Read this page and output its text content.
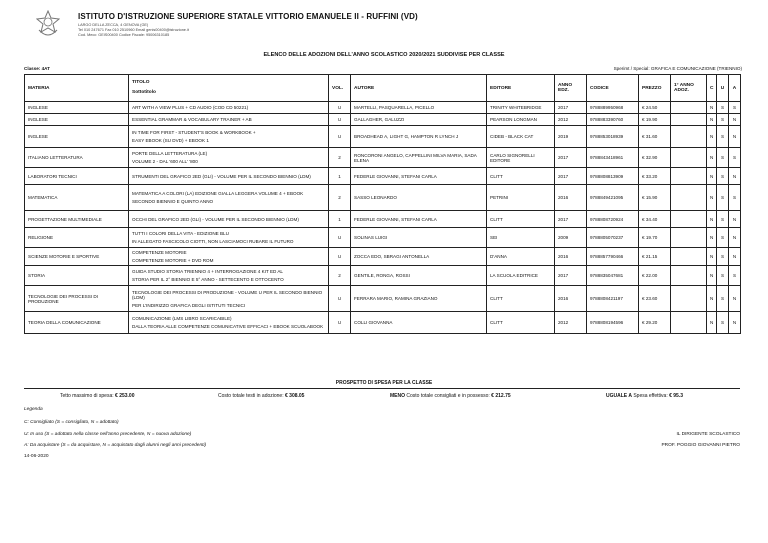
ISTITUTO D'ISTRUZIONE SUPERIORE STATALE VITTORIO EMANUELE II - RUFFINI (VD)
LARGO DELLA ZECCA, 4 GENOVA (GE)
Tel 010 247671 Fax 010 2510960 Email genis00400@istruzione.it
Cod. Mecc: GEIS00400 Codice Fiscale: 95006310185
ELENCO DELLE ADOZIONI DELL'ANNO SCOLASTICO 2020/2021 SUDDIVISE PER CLASSE
Classe: 4AT	Sperimt / Special: GRAFICA E COMUNICAZIONE (TRIENNIO)
MATERIA	TITOLO
Sottotitolo	VOL.	AUTORE	EDITORE	ANNO EDZ.	CODICE	PREZZO	1° ANNO ADOZ.	C	U	A
INGLESE	ART WITH A VIEW PLUS + CD AUDIO (COD CD 50221)	U	MARTELLI, PASQUARELLA, PICELLO	TRINITY WHITEBRIDGE	2017	9788889950968	€ 24.50		N	S	S
INGLESE	ESSENTIAL GRAMMAR & VOCABULARY TRAINER + AB	U	GALLAGHER, GALUZZI	PEARSON LONGMAN	2012	9788883390760	€ 19.90		N	S	N
INGLESE	IN TIME FOR FIRST - STUDENT'S BOOK & WORKBOOK +
EASY EBOOK (SU DVD) + EBOOK 1	U	BROADHEAD A, LIGHT G, HAMPTON R LYNCH J	CIDEB - BLACK CAT	2019	9788853018939	€ 31.60		N	S	N
ITALIANO LETTERATURA	PORTE DELLA LETTERATURA (LE)
VOLUME 2 - DAL '600 ALL' '800	2	RONCORONI ANGELO, CAPPELLINI MILVA MARIA, SADA ELENA	CARLO SIGNORELLI EDITORE	2017	9788843418961	€ 32.90		N	S	S
LABORATORI TECNICI	STRUMENTI DEL GRAFICO 2ED (GLI) - VOLUME PER IL SECONDO BIENNIO (LDM)	1	FEDERLE GIOVANNI, STEFANI CARLA	CLITT	2017	9788808813909	€ 33.20		N	S	N
MATEMATICA	MATEMATICA A COLORI (LA) EDIZIONE GIALLA LEGGERA VOLUME 4 + EBOOK
SECONDO BIENNIO E QUINTO ANNO	2	SASSO LEONARDO	PETRINI	2016	9788849421095	€ 15.90		N	S	S
PROGETTAZIONE MULTIMEDIALE	OCCHI DEL GRAFICO 2ED (GLI) - VOLUME PER IL SECONDO BIENNIO (LDM)	1	FEDERLE GIOVANNI, STEFANI CARLA	CLITT	2017	9788808720924	€ 34.40		N	S	N
RELIGIONE	TUTTI I COLORI DELLA VITA - EDIZIONE BLU
IN ALLEGATO FASCICOLO CIOTTI, NON LASCIAMOCI RUBARE IL FUTURO	U	SOLINAS LUIGI	SEI	2009	9788805070237	€ 19.70		N	S	N
SCIENZE MOTORIE E SPORTIVE	COMPETENZE MOTORIE
COMPETENZE MOTORIE + DVD ROM	U	ZOCCA EDO, SBRAGI ANTONELLA	D'ANNA	2016	9788857790466	€ 21.15		N	S	N
STORIA	GUIDA STUDIO STORIA TRIENNIO 4 + INTERROGAZIONE 4 KIT ED AL
STORIA PER IL 2° BIENNIO E 5° ANNO - SETTECENTO E OTTOCENTO	2	GENTILE, RONGA, ROSSI	LA SCUOLA EDITRICE	2017	9788835047681	€ 22.00		N	S	S
TECNOLOGIE DEI PROCESSI DI PRODUZIONE	TECNOLOGIE DEI PROCESSI DI PRODUZIONE - VOLUME U PER IL SECONDO BIENNIO (LDM)
PER L'INDIRIZZO GRAFICA DEGLI ISTITUTI TECNICI	U	FERRARA MARIO, RAMINA GRAZIANO	CLITT	2016	9788808421197	€ 23.60		N	S	N
TEORIA DELLA COMUNICAZIONE	COMUNICAZIONE (LMS LIBRO SCARICABILE)
DALLA TEORIA ALLE COMPETENZE COMUNICATIVE EFFICACI + EBOOK SCUOLABOOK	U	COLLI GIOVANNA	CLITT	2012	9788808194596	€ 29.20		N	S	N
PROSPETTO DI SPESA PER LA CLASSE
Tetto massimo di spesa: € 253.00	Costo totale testi in adozione: € 308.05	MENO Costo totale consigliati e in possesso: € 212.75	UGUALE A Spesa effettiva: € 95.3
Legenda
C: Consigliato (S = consigliato, N = adottato)
U: In uso (S = adottato nella classe nell'anno precedente, N = nuova adozione)
A: Da acquistare (S = da acquistare, N = acquistato dagli alunni negli anni precedenti)
14-06-2020
IL DIRIGENTE SCOLASTICO
PROF. POGGIO GIOVANNI PIETRO
